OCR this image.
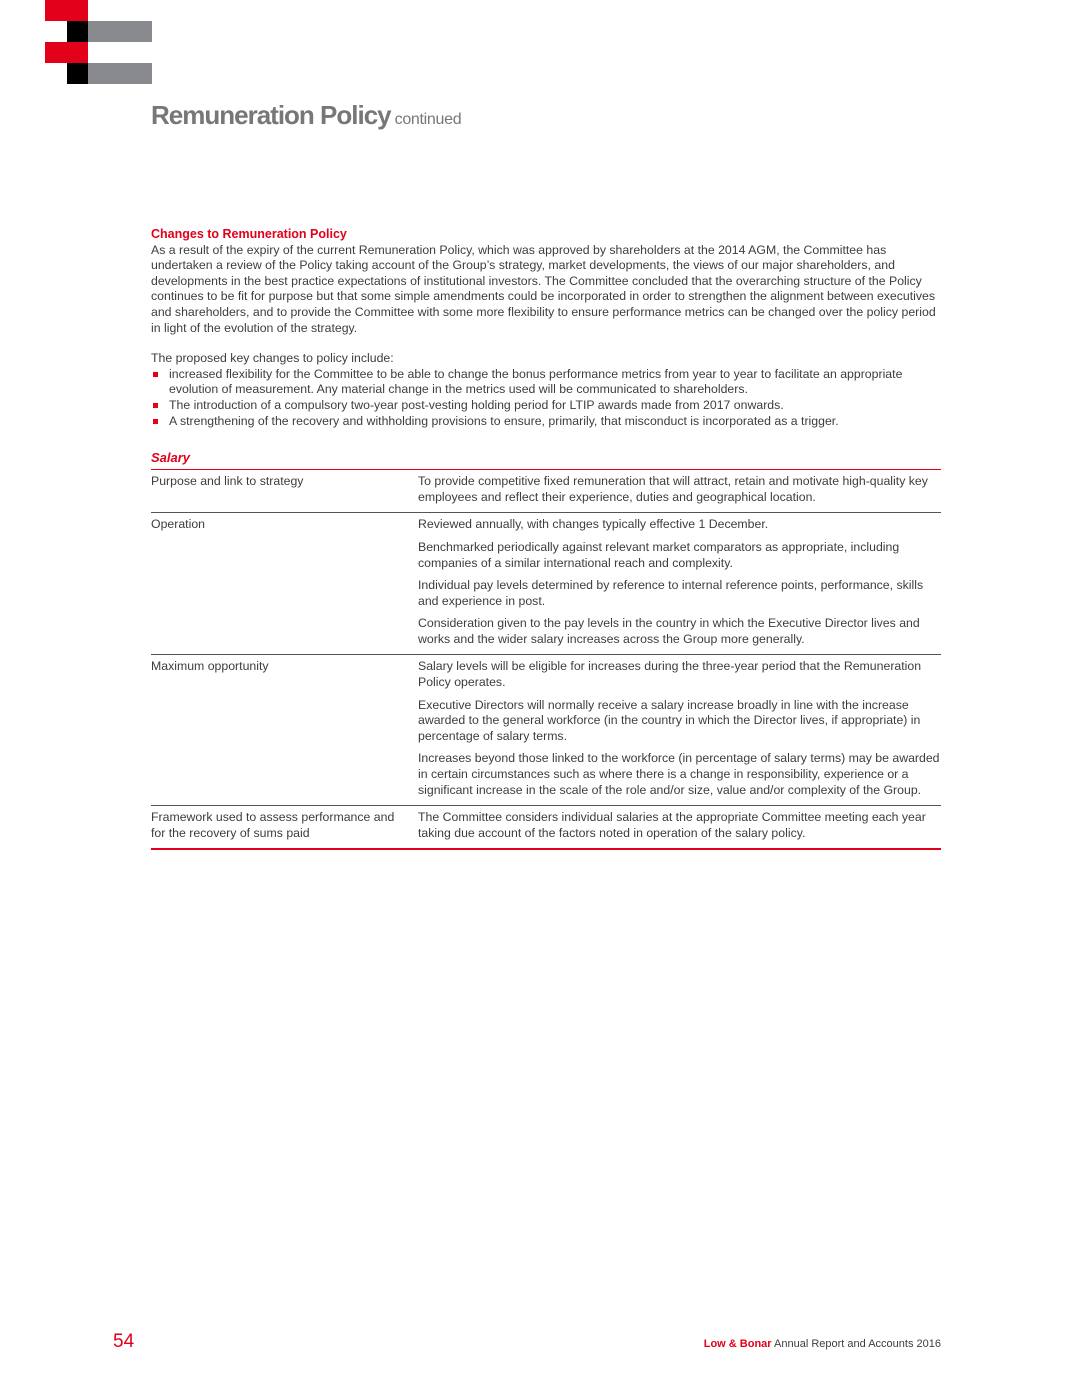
Remuneration Policy continued
Changes to Remuneration Policy

As a result of the expiry of the current Remuneration Policy, which was approved by shareholders at the 2014 AGM, the Committee has undertaken a review of the Policy taking account of the Group’s strategy, market developments, the views of our major shareholders, and developments in the best practice expectations of institutional investors. The Committee concluded that the overarching structure of the Policy continues to be fit for purpose but that some simple amendments could be incorporated in order to strengthen the alignment between executives and shareholders, and to provide the Committee with some more flexibility to ensure performance metrics can be changed over the policy period in light of the evolution of the strategy.

The proposed key changes to policy include:

increased flexibility for the Committee to be able to change the bonus performance metrics from year to year to facilitate an appropriate evolution of measurement. Any material change in the metrics used will be communicated to shareholders.
The introduction of a compulsory two-year post-vesting holding period for LTIP awards made from 2017 onwards.
A strengthening of the recovery and withholding provisions to ensure, primarily, that misconduct is incorporated as a trigger.
Salary
Purpose and link to strategy	To provide competitive fixed remuneration that will attract, retain and motivate high-quality key employees and reflect their experience, duties and geographical location.

Operation	Reviewed annually, with changes typically effective 1 December.

Benchmarked periodically against relevant market comparators as appropriate, including companies of a similar international reach and complexity.

Individual pay levels determined by reference to internal reference points, performance, skills and experience in post.

Consideration given to the pay levels in the country in which the Executive Director lives and works and the wider salary increases across the Group more generally.

Maximum opportunity	Salary levels will be eligible for increases during the three-year period that the Remuneration Policy operates.

Executive Directors will normally receive a salary increase broadly in line with the increase awarded to the general workforce (in the country in which the Director lives, if appropriate) in percentage of salary terms.

Increases beyond those linked to the workforce (in percentage of salary terms) may be awarded in certain circumstances such as where there is a change in responsibility, experience or a significant increase in the scale of the role and/or size, value and/or complexity of the Group.

Framework used to assess performance and for the recovery of sums paid	The Committee considers individual salaries at the appropriate Committee meeting each year taking due account of the factors noted in operation of the salary policy.

54	Low & Bonar Annual Report and Accounts 2016
